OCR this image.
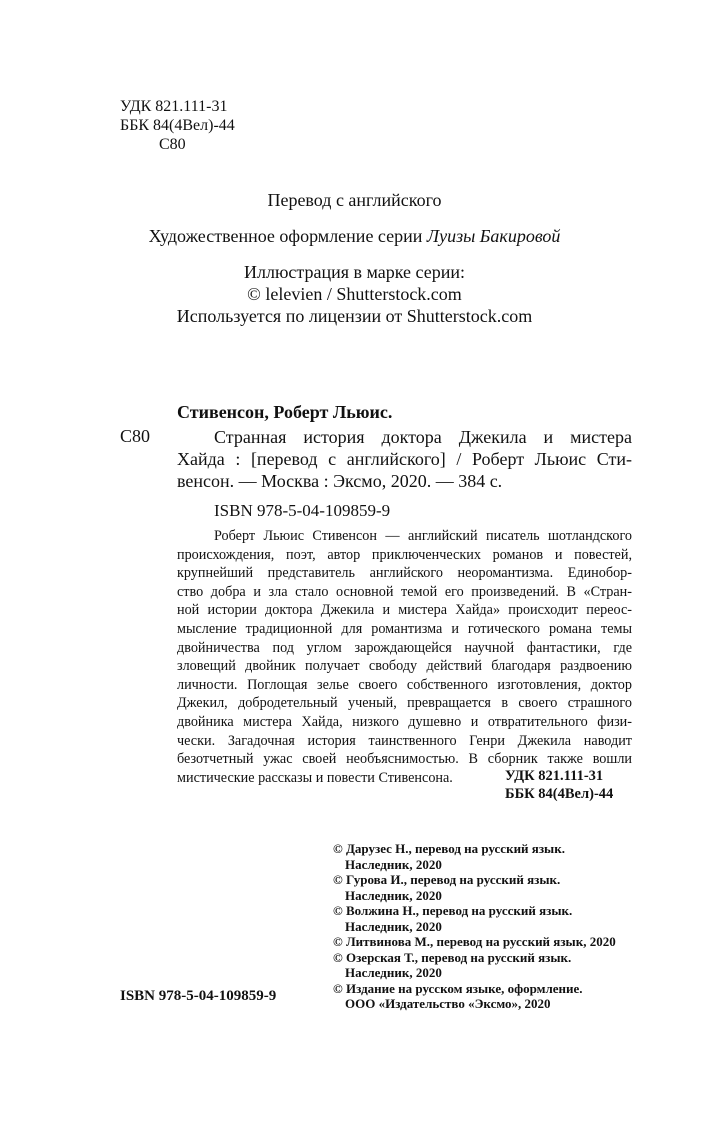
УДК 821.111-31
ББК 84(4Вел)-44
С80
Перевод с английского
Художественное оформление серии Луизы Бакировой
Иллюстрация в марке серии:
© lelevien / Shutterstock.com
Используется по лицензии от Shutterstock.com
Стивенсон, Роберт Льюис.
С80	Странная история доктора Джекила и мистера
Хайда : [перевод с английского] / Роберт Льюис Сти-
венсон. — Москва : Эксмо, 2020. — 384 с.
ISBN 978-5-04-109859-9
Роберт Льюис Стивенсон — английский писатель шотландского
происхождения, поэт, автор приключенческих романов и повестей,
крупнейший представитель английского неоромантизма. Единобор-
ство добра и зла стало основной темой его произведений. В «Стран-
ной истории доктора Джекила и мистера Хайда» происходит переос-
мысление традиционной для романтизма и готического романа темы
двойничества под углом зарождающейся научной фантастики, где
зловещий двойник получает свободу действий благодаря раздвоению
личности. Поглощая зелье своего собственного изготовления, доктор
Джекил, добродетельный ученый, превращается в своего страшного
двойника мистера Хайда, низкого душевно и отвратительного физи-
чески. Загадочная история таинственного Генри Джекила наводит
безотчетный ужас своей необъяснимостью. В сборник также вошли
мистические рассказы и повести Стивенсона.	УДК 821.111-31
ББК 84(4Вел)-44
© Дарузес Н., перевод на русский язык.
Наследник, 2020
© Гурова И., перевод на русский язык.
Наследник, 2020
© Волжина Н., перевод на русский язык.
Наследник, 2020
© Литвинова М., перевод на русский язык, 2020
© Озерская Т., перевод на русский язык.
Наследник, 2020
© Издание на русском языке, оформление.
ООО «Издательство «Эксмо», 2020
ISBN 978-5-04-109859-9
